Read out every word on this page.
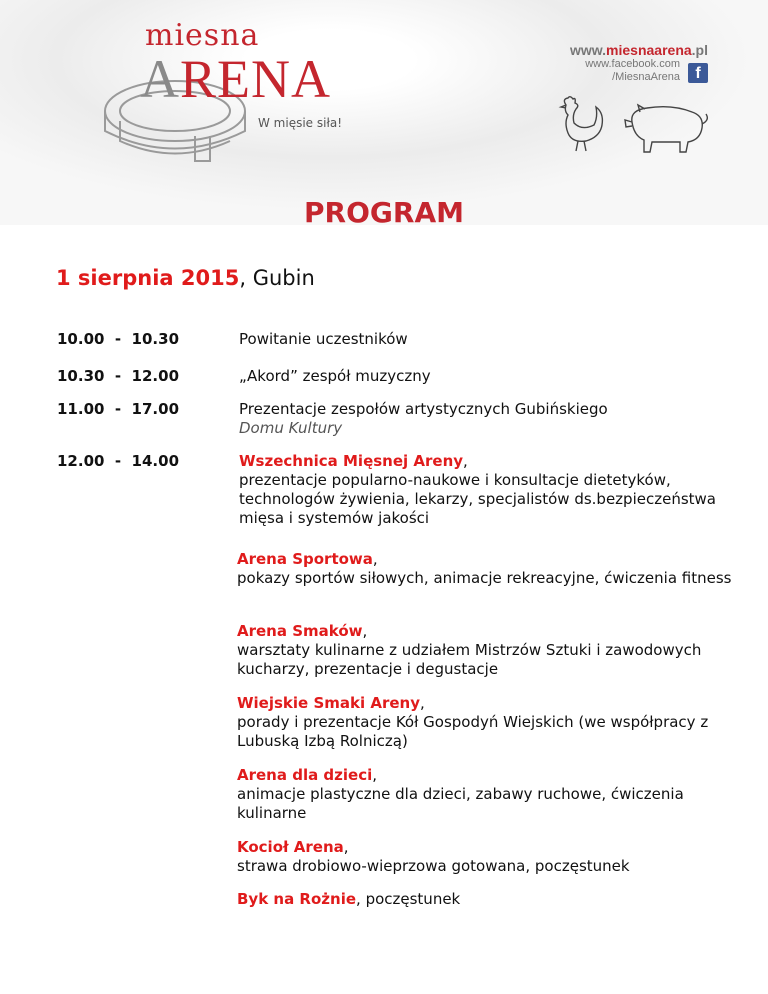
miesna
ARENA
W mięsie siła!
www.miesnaarena.pl
www.facebook.com
/MiesnaArena f
PROGRAM
1 sierpnia 2015, Gubin
10.00  -  10.30	Powitanie uczestników
10.30  -  12.00	„Akord” zespół muzyczny
11.00  -  17.00	Prezentacje zespołów artystycznych Gubińskiego
Domu Kultury
12.00  -  14.00	Wszechnica Mięsnej Areny,
prezentacje popularno-naukowe i konsultacje dietetyków, technologów żywienia, lekarzy, specjalistów ds.bezpieczeństwa mięsa i systemów jakości
Arena Sportowa,
pokazy sportów siłowych, animacje rekreacyjne, ćwiczenia fitness
Arena Smaków,
warsztaty kulinarne z udziałem Mistrzów Sztuki i zawodowych kucharzy, prezentacje i degustacje
Wiejskie Smaki Areny,
porady i prezentacje Kół Gospodyń Wiejskich (we współpracy z Lubuską Izbą Rolniczą)
Arena dla dzieci,
animacje plastyczne dla dzieci, zabawy ruchowe, ćwiczenia kulinarne
Kocioł Arena,
strawa drobiowo-wieprzowa gotowana, poczęstunek
Byk na Rożnie, poczęstunek
